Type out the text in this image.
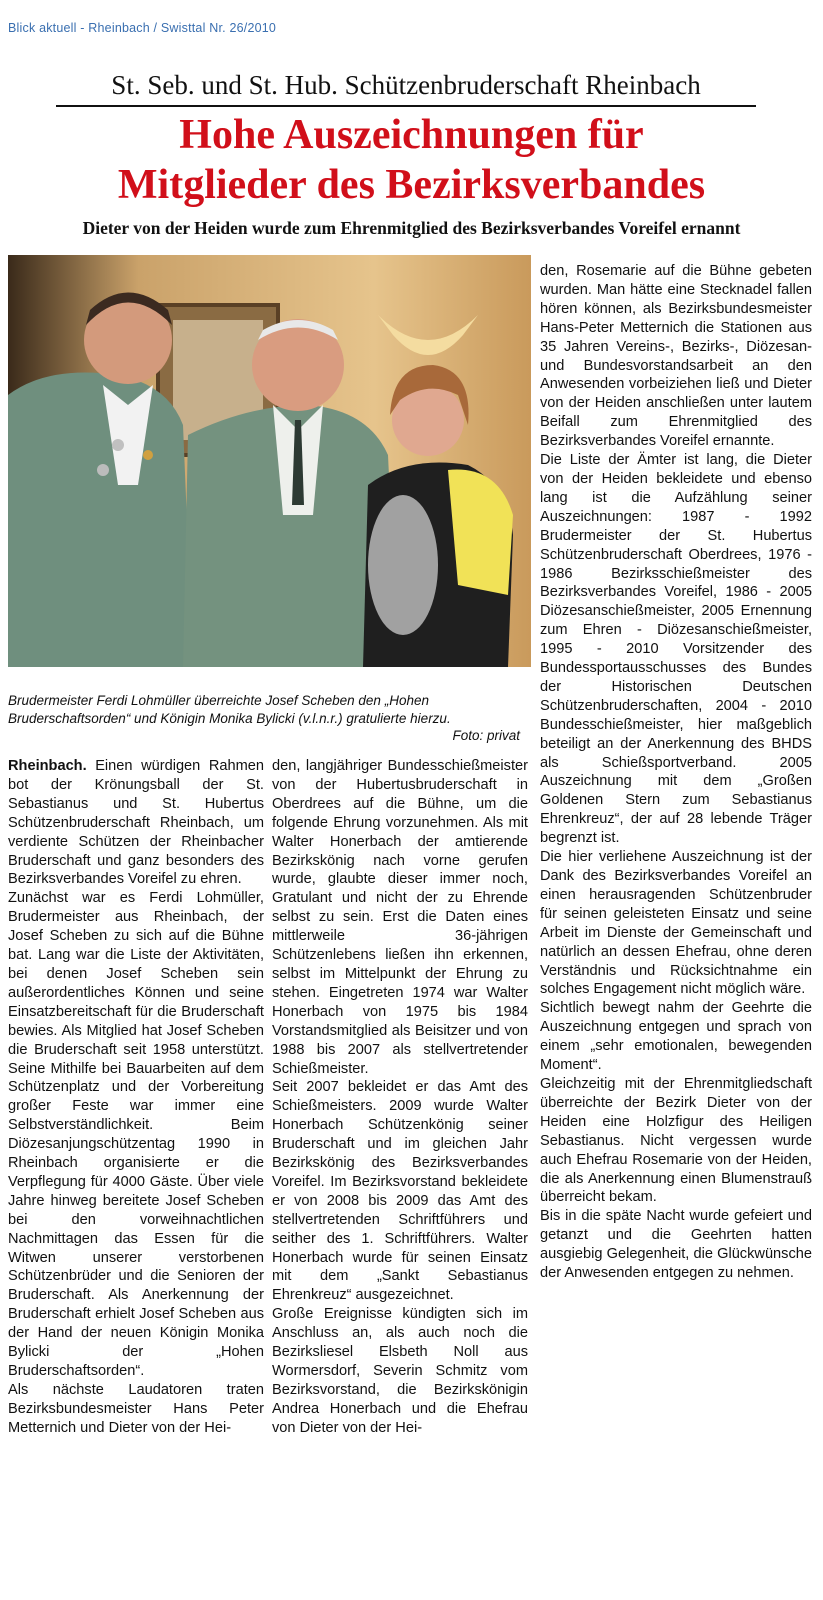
Blick aktuell - Rheinbach / Swisttal Nr. 26/2010
St. Seb. und St. Hub. Schützenbruderschaft Rheinbach
Hohe Auszeichnungen für
Mitglieder des Bezirksverbandes
Dieter von der Heiden wurde zum Ehrenmitglied des Bezirksverbandes Voreifel ernannt
Brudermeister Ferdi Lohmüller überreichte Josef Scheben den „Hohen Bruderschaftsorden“ und Königin Monika Bylicki (v.l.n.r.) gratulierte hierzu.
Foto: privat

Rheinbach. Einen würdigen Rahmen bot der Krönungsball der St. Sebastianus und St. Hubertus Schützenbruderschaft Rheinbach, um verdiente Schützen der Rheinbacher Bruderschaft und ganz besonders des Bezirksverbandes Voreifel zu ehren.

Zunächst war es Ferdi Lohmüller, Brudermeister aus Rheinbach, der Josef Scheben zu sich auf die Bühne bat. Lang war die Liste der Aktivitäten, bei denen Josef Scheben sein außerordentliches Können und seine Einsatzbereitschaft für die Bruderschaft bewies. Als Mitglied hat Josef Scheben die Bruderschaft seit 1958 unterstützt. Seine Mithilfe bei Bauarbeiten auf dem Schützenplatz und der Vorbereitung großer Feste war immer eine Selbstverständlichkeit. Beim Diözesanjungschützentag 1990 in Rheinbach organisierte er die Verpflegung für 4000 Gäste. Über viele Jahre hinweg bereitete Josef Scheben bei den vorweihnachtlichen Nachmittagen das Essen für die Witwen unserer verstorbenen Schützenbrüder und die Senioren der Bruderschaft. Als Anerkennung der Bruderschaft erhielt Josef Scheben aus der Hand der neuen Königin Monika Bylicki der „Hohen Bruderschaftsorden“.

Als nächste Laudatoren traten Bezirksbundesmeister Hans Peter Metternich und Dieter von der Hei-

den, langjähriger Bundesschießmeister von der Hubertusbruderschaft in Oberdrees auf die Bühne, um die folgende Ehrung vorzunehmen. Als mit Walter Honerbach der amtierende Bezirkskönig nach vorne gerufen wurde, glaubte dieser immer noch, Gratulant und nicht der zu Ehrende selbst zu sein. Erst die Daten eines mittlerweile 36-jährigen Schützenlebens ließen ihn erkennen, selbst im Mittelpunkt der Ehrung zu stehen. Eingetreten 1974 war Walter Honerbach von 1975 bis 1984 Vorstandsmitglied als Beisitzer und von 1988 bis 2007 als stellvertretender Schießmeister.

Seit 2007 bekleidet er das Amt des Schießmeisters. 2009 wurde Walter Honerbach Schützenkönig seiner Bruderschaft und im gleichen Jahr Bezirkskönig des Bezirksverbandes Voreifel. Im Bezirksvorstand bekleidete er von 2008 bis 2009 das Amt des stellvertretenden Schriftführers und seither des 1. Schriftführers. Walter Honerbach wurde für seinen Einsatz mit dem „Sankt Sebastianus Ehrenkreuz“ ausgezeichnet.

Große Ereignisse kündigten sich im Anschluss an, als auch noch die Bezirksliesel Elsbeth Noll aus Wormersdorf, Severin Schmitz vom Bezirksvorstand, die Bezirkskönigin Andrea Honerbach und die Ehefrau von Dieter von der Hei-

den, Rosemarie auf die Bühne gebeten wurden. Man hätte eine Stecknadel fallen hören können, als Bezirksbundesmeister Hans-Peter Metternich die Stationen aus 35 Jahren Vereins-, Bezirks-, Diözesan- und Bundesvorstandsarbeit an den Anwesenden vorbeiziehen ließ und Dieter von der Heiden anschließen unter lautem Beifall zum Ehrenmitglied des Bezirksverbandes Voreifel ernannte.

Die Liste der Ämter ist lang, die Dieter von der Heiden bekleidete und ebenso lang ist die Aufzählung seiner Auszeichnungen: 1987 - 1992 Brudermeister der St. Hubertus Schützenbruderschaft Oberdrees, 1976 - 1986 Bezirksschießmeister des Bezirksverbandes Voreifel, 1986 - 2005 Diözesanschießmeister, 2005 Ernennung zum Ehren - Diözesanschießmeister, 1995 - 2010 Vorsitzender des Bundessportausschusses des Bundes der Historischen Deutschen Schützenbruderschaften, 2004 - 2010 Bundesschießmeister, hier maßgeblich beteiligt an der Anerkennung des BHDS als Schießsportverband. 2005 Auszeichnung mit dem „Großen Goldenen Stern zum Sebastianus Ehrenkreuz“, der auf 28 lebende Träger begrenzt ist.

Die hier verliehene Auszeichnung ist der Dank des Bezirksverbandes Voreifel an einen herausragenden Schützenbruder für seinen geleisteten Einsatz und seine Arbeit im Dienste der Gemeinschaft und natürlich an dessen Ehefrau, ohne deren Verständnis und Rücksichtnahme ein solches Engagement nicht möglich wäre.

Sichtlich bewegt nahm der Geehrte die Auszeichnung entgegen und sprach von einem „sehr emotionalen, bewegenden Moment“.

Gleichzeitig mit der Ehrenmitgliedschaft überreichte der Bezirk Dieter von der Heiden eine Holzfigur des Heiligen Sebastianus. Nicht vergessen wurde auch Ehefrau Rosemarie von der Heiden, die als Anerkennung einen Blumenstrauß überreicht bekam.

Bis in die späte Nacht wurde gefeiert und getanzt und die Geehrten hatten ausgiebig Gelegenheit, die Glückwünsche der Anwesenden entgegen zu nehmen.
